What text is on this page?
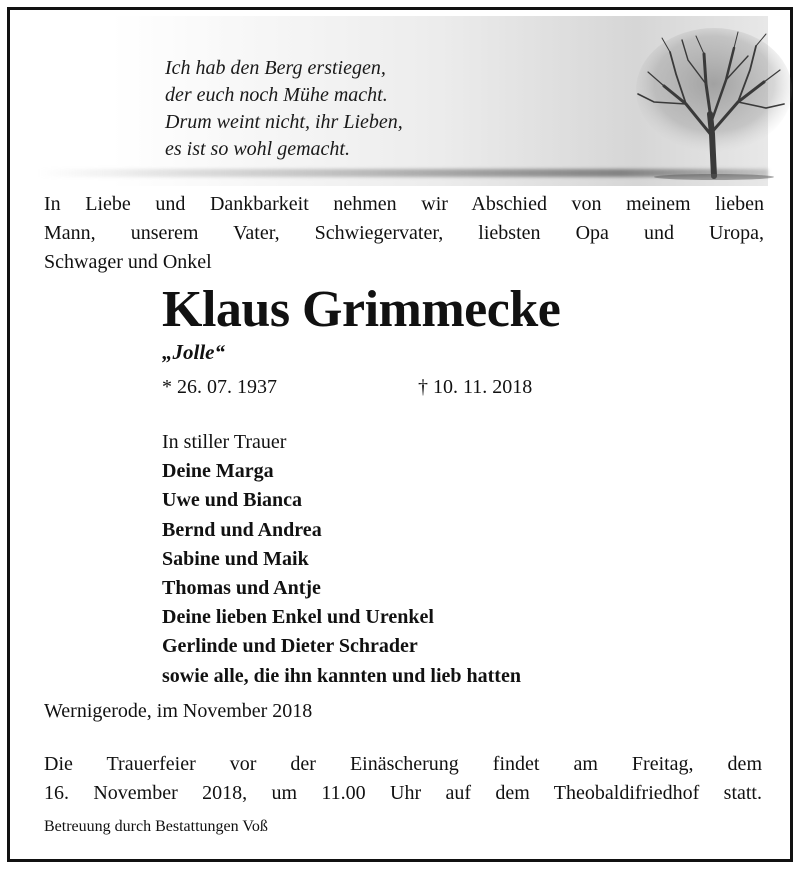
Ich hab den Berg erstiegen,
der euch noch Mühe macht.
Drum weint nicht, ihr Lieben,
es ist so wohl gemacht.
In Liebe und Dankbarkeit nehmen wir Abschied von meinem lieben
Mann, unserem Vater, Schwiegervater, liebsten Opa und Uropa,
Schwager und Onkel
Klaus Grimmecke
„Jolle“
* 26. 07. 1937	† 10. 11. 2018
In stiller Trauer
Deine Marga
Uwe und Bianca
Bernd und Andrea
Sabine und Maik
Thomas und Antje
Deine lieben Enkel und Urenkel
Gerlinde und Dieter Schrader
sowie alle, die ihn kannten und lieb hatten
Wernigerode, im November 2018
Die Trauerfeier vor der Einäscherung findet am Freitag, dem
16. November 2018, um 11.00 Uhr auf dem Theobaldifriedhof statt.
Betreuung durch Bestattungen Voß
